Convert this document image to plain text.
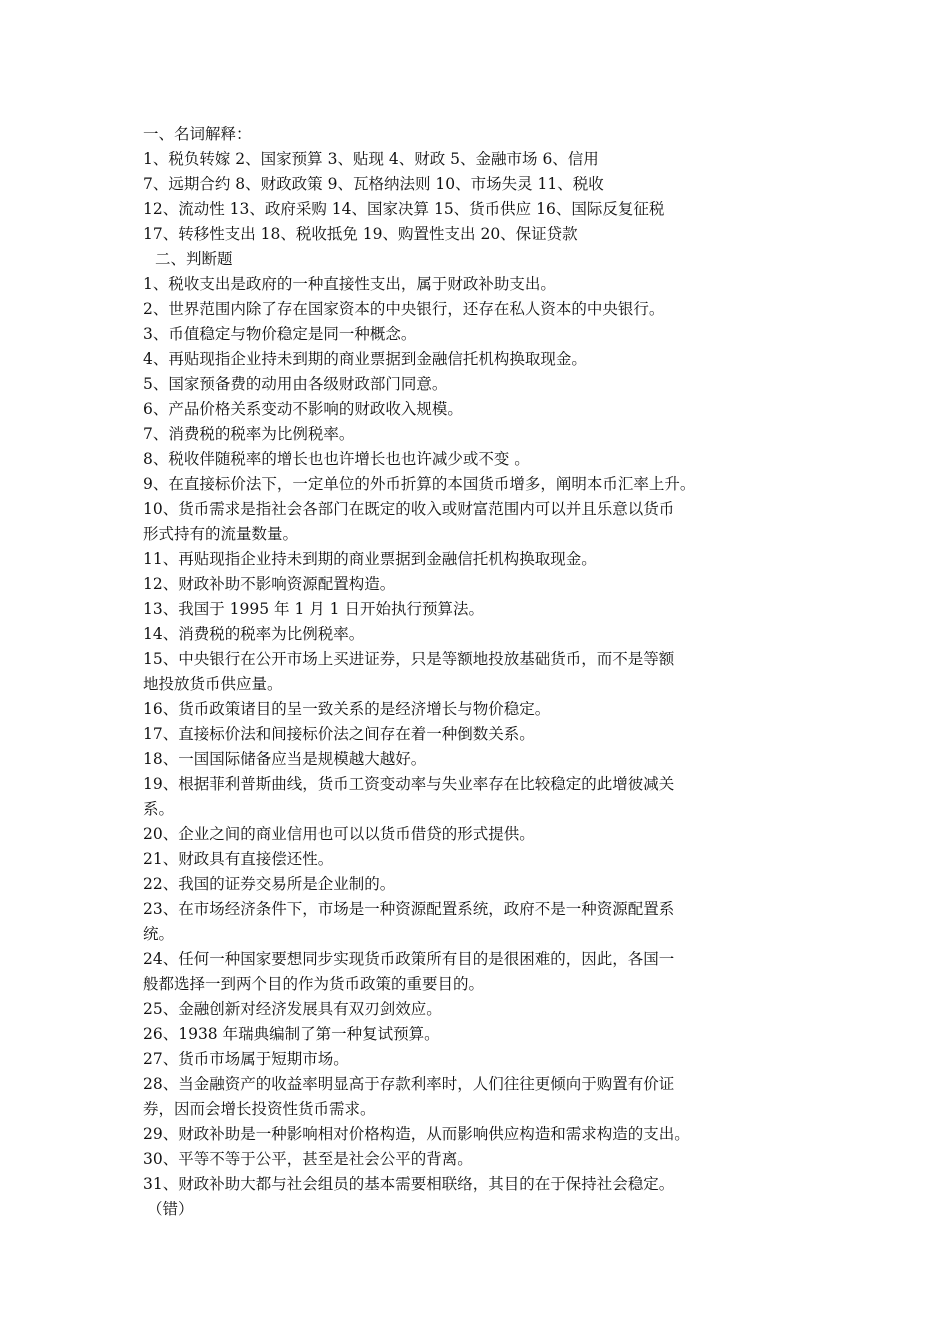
一、名词解释：
1、税负转嫁 2、国家预算 3、贴现 4、财政 5、金融市场 6、信用
7、远期合约 8、财政政策 9、瓦格纳法则 10、市场失灵 11、税收
12、流动性 13、政府采购 14、国家决算 15、货币供应 16、国际反复征税
17、转移性支出 18、税收抵免 19、购置性支出 20、保证贷款
二、判断题
1、税收支出是政府的一种直接性支出，属于财政补助支出。
2、世界范围内除了存在国家资本的中央银行，还存在私人资本的中央银行。
3、币值稳定与物价稳定是同一种概念。
4、再贴现指企业持未到期的商业票据到金融信托机构换取现金。
5、国家预备费的动用由各级财政部门同意。
6、产品价格关系变动不影响的财政收入规模。
7、消费税的税率为比例税率。
8、税收伴随税率的增长也也许增长也也许减少或不变 。
9、在直接标价法下，一定单位的外币折算的本国货币增多，阐明本币汇率上升。
10、货币需求是指社会各部门在既定的收入或财富范围内可以并且乐意以货币
形式持有的流量数量。
11、再贴现指企业持未到期的商业票据到金融信托机构换取现金。
12、财政补助不影响资源配置构造。
13、我国于 1995 年 1 月 1 日开始执行预算法。
14、消费税的税率为比例税率。
15、中央银行在公开市场上买进证券，只是等额地投放基础货币，而不是等额
地投放货币供应量。
16、货币政策诸目的呈一致关系的是经济增长与物价稳定。
17、直接标价法和间接标价法之间存在着一种倒数关系。
18、一国国际储备应当是规模越大越好。
19、根据菲利普斯曲线，货币工资变动率与失业率存在比较稳定的此增彼减关
系。
20、企业之间的商业信用也可以以货币借贷的形式提供。
21、财政具有直接偿还性。
22、我国的证券交易所是企业制的。
23、在市场经济条件下，市场是一种资源配置系统，政府不是一种资源配置系
统。
24、任何一种国家要想同步实现货币政策所有目的是很困难的，因此，各国一
般都选择一到两个目的作为货币政策的重要目的。
25、金融创新对经济发展具有双刃剑效应。
26、1938 年瑞典编制了第一种复试预算。
27、货币市场属于短期市场。
28、当金融资产的收益率明显高于存款利率时，人们往往更倾向于购置有价证
券，因而会增长投资性货币需求。
29、财政补助是一种影响相对价格构造，从而影响供应构造和需求构造的支出。
30、平等不等于公平，甚至是社会公平的背离。
31、财政补助大都与社会组员的基本需要相联络，其目的在于保持社会稳定。
（错）
